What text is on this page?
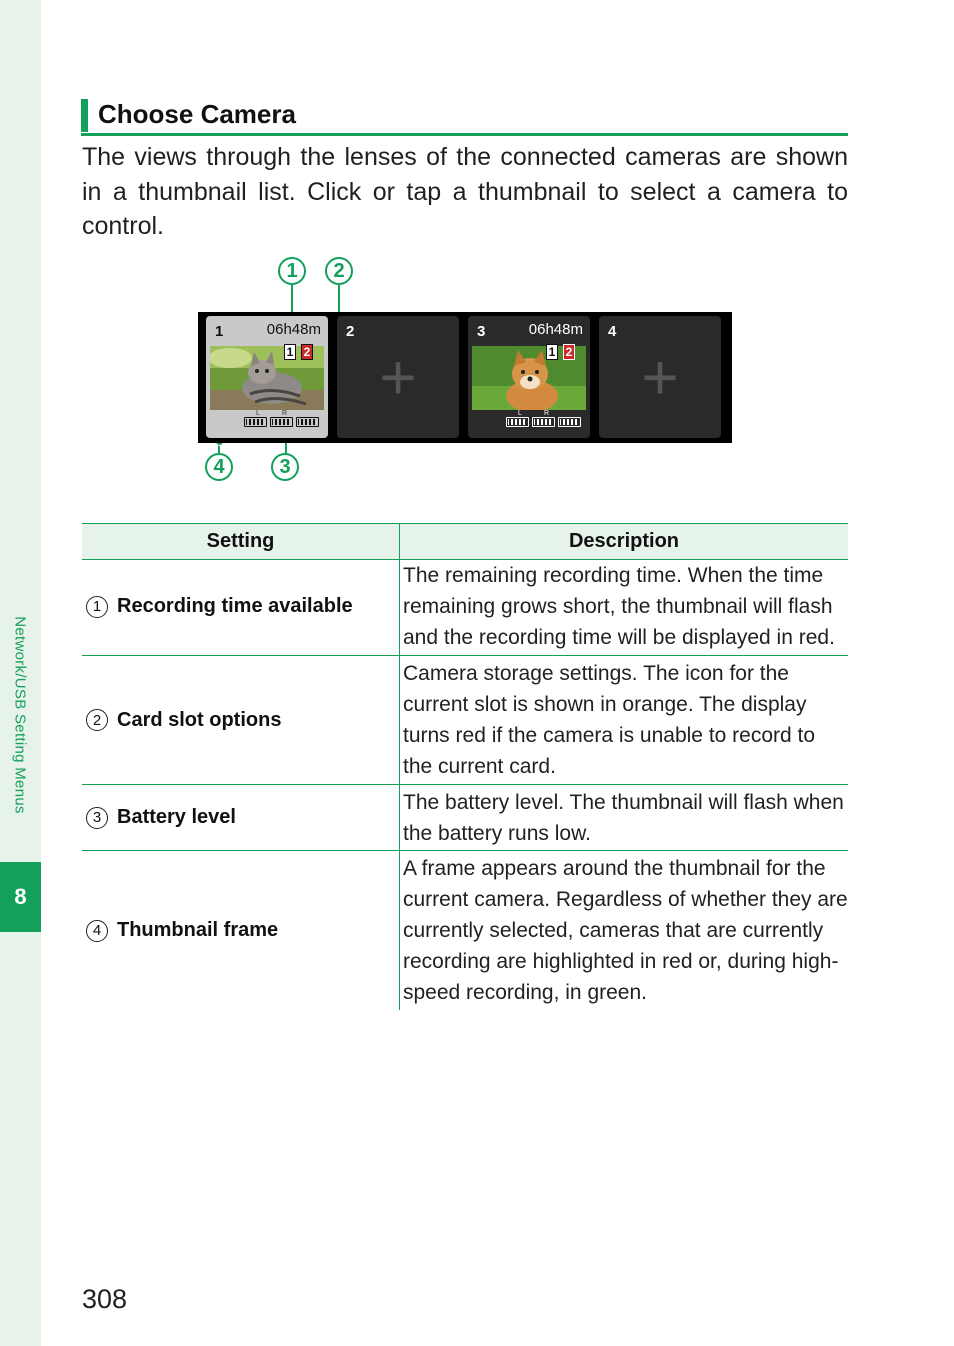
Network/USB Setting Menus
8
Choose Camera
The views through the lenses of the connected cameras are shown in a thumbnail list. Click or tap a thumbnail to select a camera to control.
1	2
3
4
1	06h48m
1 2
L	R
2
+
3	06h48m
1 2
L	R
4
+
Setting	Description
1 Recording time available
The remaining recording time. When the time remaining grows short, the thumbnail will flash and the recording time will be displayed in red.
2 Card slot options
Camera storage settings. The icon for the current slot is shown in orange. The display turns red if the camera is unable to record to the current card.
3 Battery level
The battery level. The thumbnail will flash when the battery runs low.
4 Thumbnail frame
A frame appears around the thumbnail for the current camera. Regardless of whether they are currently selected, cameras that are currently recording are highlighted in red or, during high-speed recording, in green.
308
